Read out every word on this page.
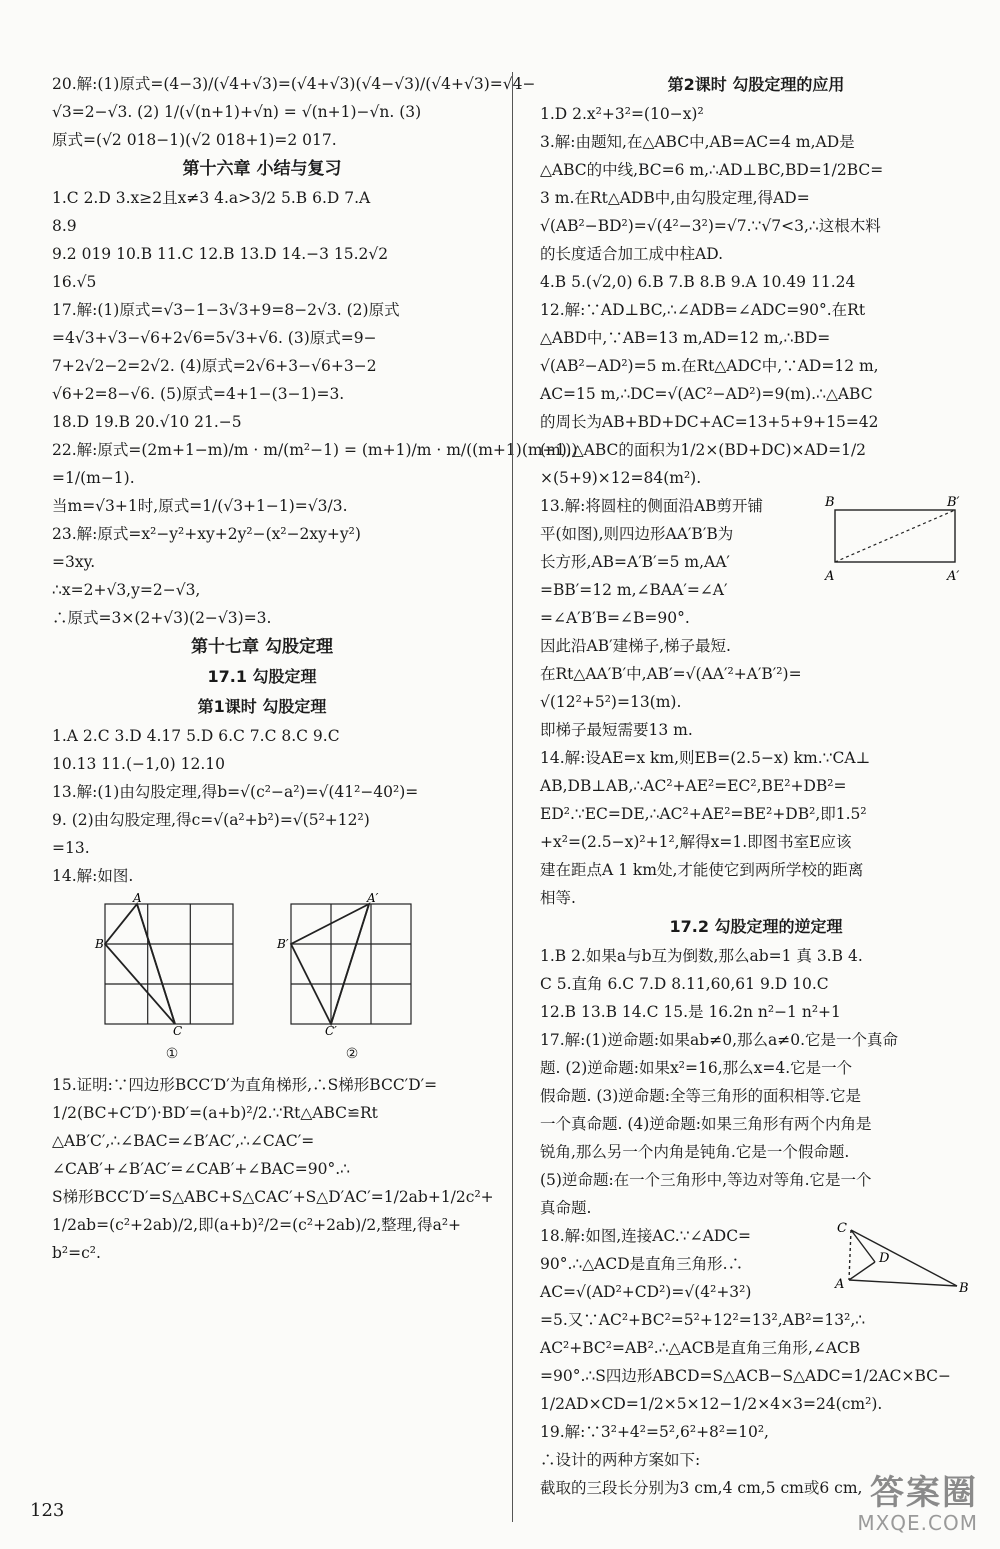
20.解:(1)原式=(4−3)/(√4+√3)=(√4+√3)(√4−√3)/(√4+√3)=√4−
√3=2−√3. (2) 1/(√(n+1)+√n) = √(n+1)−√n. (3)
原式=(√2 018−1)(√2 018+1)=2 017.
第十六章 小结与复习
1.C 2.D 3.x≥2且x≠3 4.a>3/2 5.B 6.D 7.A
8.9
9.2 019 10.B 11.C 12.B 13.D 14.−3 15.2√2
16.√5
17.解:(1)原式=√3−1−3√3+9=8−2√3. (2)原式
=4√3+√3−√6+2√6=5√3+√6. (3)原式=9−
7+2√2−2=2√2. (4)原式=2√6+3−√6+3−2
√6+2=8−√6. (5)原式=4+1−(3−1)=3.
18.D 19.B 20.√10 21.−5
22.解:原式=(2m+1−m)/m · m/(m²−1) = (m+1)/m · m/((m+1)(m−1))
=1/(m−1).
当m=√3+1时,原式=1/(√3+1−1)=√3/3.
23.解:原式=x²−y²+xy+2y²−(x²−2xy+y²)
=3xy.
∴x=2+√3,y=2−√3,
∴原式=3×(2+√3)(2−√3)=3.
第十七章 勾股定理
17.1 勾股定理
第1课时 勾股定理
1.A 2.C 3.D 4.17 5.D 6.C 7.C 8.C 9.C
10.13 11.(−1,0) 12.10
13.解:(1)由勾股定理,得b=√(c²−a²)=√(41²−40²)=
9. (2)由勾股定理,得c=√(a²+b²)=√(5²+12²)
=13.
14.解:如图.
A
B
C
①
A′
B′
C′
②
15.证明:∵四边形BCC′D′为直角梯形,∴S梯形BCC′D′=
1/2(BC+C′D′)·BD′=(a+b)²/2.∵Rt△ABC≌Rt
△AB′C′,∴∠BAC=∠B′AC′,∴∠CAC′=
∠CAB′+∠B′AC′=∠CAB′+∠BAC=90°.∴
S梯形BCC′D′=S△ABC+S△CAC′+S△D′AC′=1/2ab+1/2c²+
1/2ab=(c²+2ab)/2,即(a+b)²/2=(c²+2ab)/2,整理,得a²+
b²=c².
第2课时 勾股定理的应用
1.D 2.x²+3²=(10−x)²
3.解:由题知,在△ABC中,AB=AC=4 m,AD是
△ABC的中线,BC=6 m,∴AD⊥BC,BD=1/2BC=
3 m.在Rt△ADB中,由勾股定理,得AD=
√(AB²−BD²)=√(4²−3²)=√7.∵√7<3,∴这根木料
的长度适合加工成中柱AD.
4.B 5.(√2,0) 6.B 7.B 8.B 9.A 10.49 11.24
12.解:∵AD⊥BC,∴∠ADB=∠ADC=90°.在Rt
△ABD中,∵AB=13 m,AD=12 m,∴BD=
√(AB²−AD²)=5 m.在Rt△ADC中,∵AD=12 m,
AC=15 m,∴DC=√(AC²−AD²)=9(m).∴△ABC
的周长为AB+BD+DC+AC=13+5+9+15=42
(m),△ABC的面积为1/2×(BD+DC)×AD=1/2
×(5+9)×12=84(m²).
13.解:将圆柱的侧面沿AB剪开铺
平(如图),则四边形AA′B′B为
长方形,AB=A′B′=5 m,AA′
=BB′=12 m,∠BAA′=∠A′
=∠A′B′B=∠B=90°.
B	B′
A	A′
因此沿AB′建梯子,梯子最短.
在Rt△AA′B′中,AB′=√(AA′²+A′B′²)=
√(12²+5²)=13(m).
即梯子最短需要13 m.
14.解:设AE=x km,则EB=(2.5−x) km.∵CA⊥
AB,DB⊥AB,∴AC²+AE²=EC²,BE²+DB²=
ED².∵EC=DE,∴AC²+AE²=BE²+DB²,即1.5²
+x²=(2.5−x)²+1²,解得x=1.即图书室E应该
建在距点A 1 km处,才能使它到两所学校的距离
相等.
17.2 勾股定理的逆定理
1.B 2.如果a与b互为倒数,那么ab=1 真 3.B 4.
C 5.直角 6.C 7.D 8.11,60,61 9.D 10.C
12.B 13.B 14.C 15.是 16.2n n²−1 n²+1
17.解:(1)逆命题:如果ab≠0,那么a≠0.它是一个真命
题. (2)逆命题:如果x²=16,那么x=4.它是一个
假命题. (3)逆命题:全等三角形的面积相等.它是
一个真命题. (4)逆命题:如果三角形有两个内角是
锐角,那么另一个内角是钝角.它是一个假命题.
(5)逆命题:在一个三角形中,等边对等角.它是一个
真命题.
18.解:如图,连接AC.∵∠ADC=
90°.∴△ACD是直角三角形.∴
AC=√(AD²+CD²)=√(4²+3²)
C
D
A	B
=5.又∵AC²+BC²=5²+12²=13²,AB²=13²,∴
AC²+BC²=AB².∴△ACB是直角三角形,∠ACB
=90°.∴S四边形ABCD=S△ACB−S△ADC=1/2AC×BC−
1/2AD×CD=1/2×5×12−1/2×4×3=24(cm²).
19.解:∵3²+4²=5²,6²+8²=10²,
∴设计的两种方案如下:
截取的三段长分别为3 cm,4 cm,5 cm或6 cm,
123	答案圈
MXQE.COM
